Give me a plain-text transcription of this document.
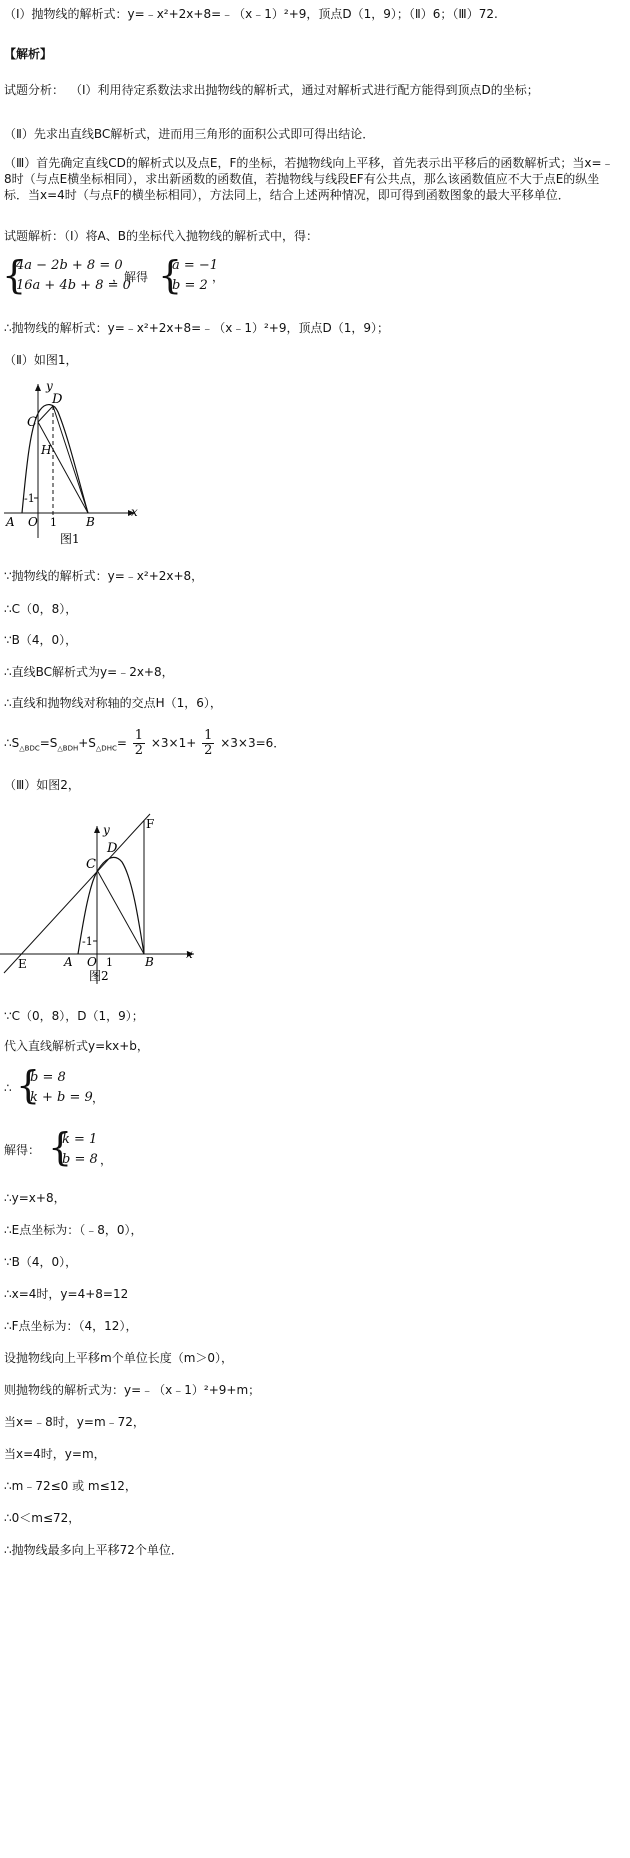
（Ⅰ）抛物线的解析式：y=﹣x²+2x+8=﹣（x﹣1）²+9，顶点D（1，9）；（Ⅱ）6；（Ⅲ）72.
【解析】
试题分析： （Ⅰ）利用待定系数法求出抛物线的解析式，通过对解析式进行配方能得到顶点D的坐标；
（Ⅱ）先求出直线BC解析式，进而用三角形的面积公式即可得出结论．
（Ⅲ）首先确定直线CD的解析式以及点E，F的坐标，若抛物线向上平移，首先表示出平移后的函数解析式；当x=﹣8时（与点E横坐标相同），求出新函数的函数值，若抛物线与线段EF有公共点，那么该函数值应不大于点E的纵坐标．当x=4时（与点F的横坐标相同），方法同上，结合上述两种情况，即可得到函数图象的最大平移单位．
试题解析：（Ⅰ）将A、B的坐标代入抛物线的解析式中，得：
{
4a − 2b + 8 = 0
16a + 4b + 8 = 0
，解得 {
a = −1
b = 2
，
∴抛物线的解析式：y=﹣x²+2x+8=﹣（x﹣1）²+9，顶点D（1，9）；
（Ⅱ）如图1，
y
x
C
D
H
-1
A O 1 B
图1
∵抛物线的解析式：y=﹣x²+2x+8，
∴C（0，8），
∵B（4，0），
∴直线BC解析式为y=﹣2x+8，
∴直线和抛物线对称轴的交点H（1，6），
$\therefore S_{\triangle BDC}=S_{\triangle BDH}+S_{\triangle DHC}= \frac{1}{2} \times 3\times 1+ \frac{1}{2} \times 3\times 3=6$．
（Ⅲ）如图2，
F
y
x
C
D
-1
E	A O 1	B
图2
∵C（0，8），D（1，9）；
代入直线解析式y=kx+b，
∴ {
b = 8
k + b = 9 ，
解得： {
k = 1
b = 8 ，
∴y=x+8，
∴E点坐标为：（﹣8，0），
∵B（4，0），
∴x=4时，y=4+8=12
∴F点坐标为：（4，12），
设抛物线向上平移m个单位长度（m＞0），
则抛物线的解析式为：y=﹣（x﹣1）²+9+m；
当x=﹣8时，y=m﹣72，
当x=4时，y=m，
∴m﹣72≤0 或 m≤12，
∴0＜m≤72，
∴抛物线最多向上平移72个单位．
